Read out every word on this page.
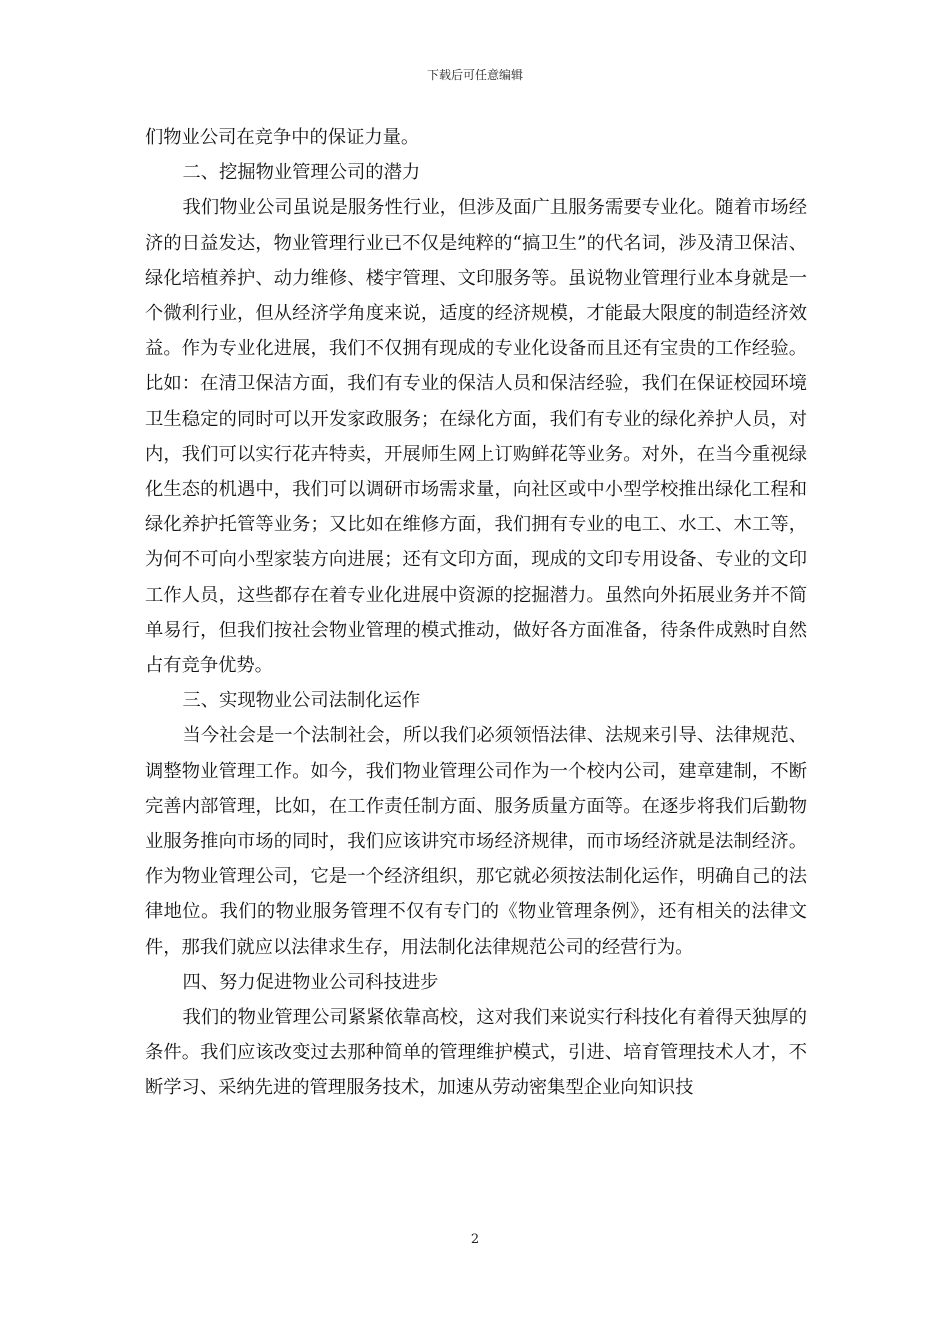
下载后可任意编辑

们物业公司在竞争中的保证力量。

二、挖掘物业管理公司的潜力

我们物业公司虽说是服务性行业，但涉及面广且服务需要专业化。随着市场经济的日益发达，物业管理行业已不仅是纯粹的“搞卫生”的代名词，涉及清卫保洁、绿化培植养护、动力维修、楼宇管理、文印服务等。虽说物业管理行业本身就是一个微利行业，但从经济学角度来说，适度的经济规模，才能最大限度的制造经济效益。作为专业化进展，我们不仅拥有现成的专业化设备而且还有宝贵的工作经验。比如：在清卫保洁方面，我们有专业的保洁人员和保洁经验，我们在保证校园环境卫生稳定的同时可以开发家政服务；在绿化方面，我们有专业的绿化养护人员，对内，我们可以实行花卉特卖，开展师生网上订购鲜花等业务。对外，在当今重视绿化生态的机遇中，我们可以调研市场需求量，向社区或中小型学校推出绿化工程和绿化养护托管等业务；又比如在维修方面，我们拥有专业的电工、水工、木工等，为何不可向小型家装方向进展；还有文印方面，现成的文印专用设备、专业的文印工作人员，这些都存在着专业化进展中资源的挖掘潜力。虽然向外拓展业务并不简单易行，但我们按社会物业管理的模式推动，做好各方面准备，待条件成熟时自然占有竞争优势。

三、实现物业公司法制化运作

当今社会是一个法制社会，所以我们必须领悟法律、法规来引导、法律规范、调整物业管理工作。如今，我们物业管理公司作为一个校内公司，建章建制，不断完善内部管理，比如，在工作责任制方面、服务质量方面等。在逐步将我们后勤物业服务推向市场的同时，我们应该讲究市场经济规律，而市场经济就是法制经济。作为物业管理公司，它是一个经济组织，那它就必须按法制化运作，明确自己的法律地位。我们的物业服务管理不仅有专门的《物业管理条例》，还有相关的法律文件，那我们就应以法律求生存，用法制化法律规范公司的经营行为。

四、努力促进物业公司科技进步

我们的物业管理公司紧紧依靠高校，这对我们来说实行科技化有着得天独厚的条件。我们应该改变过去那种简单的管理维护模式，引进、培育管理技术人才，不断学习、采纳先进的管理服务技术，加速从劳动密集型企业向知识技

2
